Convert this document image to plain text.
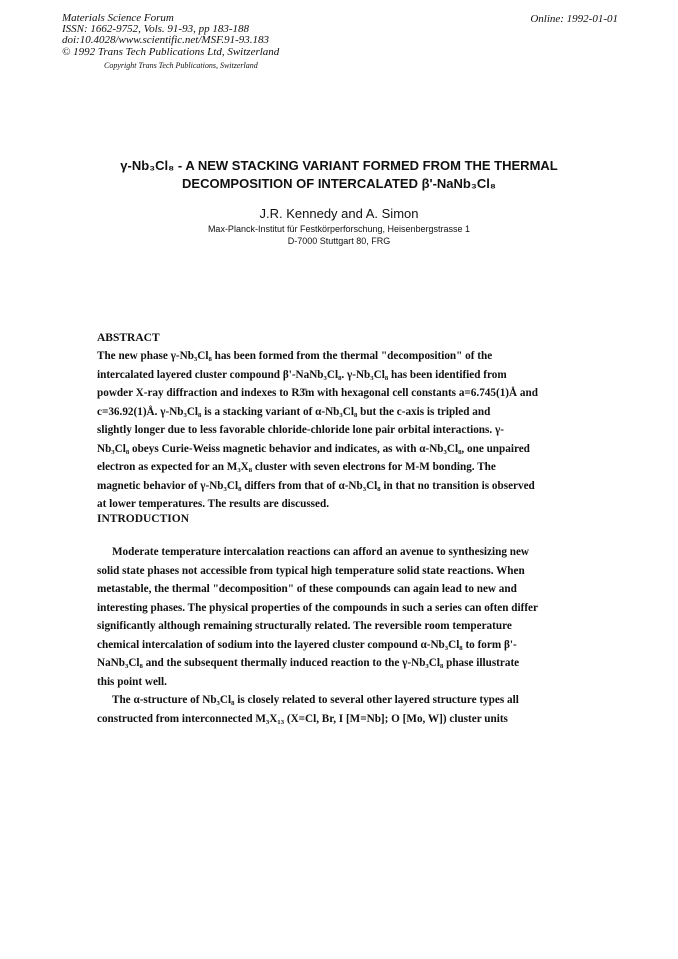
Materials Science Forum
ISSN: 1662-9752, Vols. 91-93, pp 183-188
doi:10.4028/www.scientific.net/MSF.91-93.183
© 1992 Trans Tech Publications Ltd, Switzerland
Copyright Trans Tech Publications, Switzerland
Online: 1992-01-01
γ-Nb₃Cl₈ - A NEW STACKING VARIANT FORMED FROM THE THERMAL
DECOMPOSITION OF INTERCALATED β'-NaNb₃Cl₈
J.R. Kennedy and A. Simon
Max-Planck-Institut für Festkörperforschung, Heisenbergstrasse 1
D-7000 Stuttgart 80, FRG
ABSTRACT
The new phase γ-Nb₃Cl₈ has been formed from the thermal "decomposition" of the
intercalated layered cluster compound β'-NaNb₃Cl₈. γ-Nb₃Cl₈ has been identified from
powder X-ray diffraction and indexes to R3̄m with hexagonal cell constants a=6.745(1)Å and
c=36.92(1)Å. γ-Nb₃Cl₈ is a stacking variant of α-Nb₃Cl₈ but the c-axis is tripled and
slightly longer due to less favorable chloride-chloride lone pair orbital interactions. γ-
Nb₃Cl₈ obeys Curie-Weiss magnetic behavior and indicates, as with α-Nb₃Cl₈, one unpaired
electron as expected for an M₃X₈ cluster with seven electrons for M-M bonding. The
magnetic behavior of γ-Nb₃Cl₈ differs from that of α-Nb₃Cl₈ in that no transition is observed
at lower temperatures. The results are discussed.
INTRODUCTION
Moderate temperature intercalation reactions can afford an avenue to synthesizing new
solid state phases not accessible from typical high temperature solid state reactions. When
metastable, the thermal "decomposition" of these compounds can again lead to new and
interesting phases. The physical properties of the compounds in such a series can often differ
significantly although remaining structurally related. The reversible room temperature
chemical intercalation of sodium into the layered cluster compound α-Nb₃Cl₈ to form β'-
NaNb₃Cl₈ and the subsequent thermally induced reaction to the γ-Nb₃Cl₈ phase illustrate
this point well.
The α-structure of Nb₃Cl₈ is closely related to several other layered structure types all
constructed from interconnected M₃X₁₃ (X=Cl, Br, I [M=Nb]; O [Mo, W]) cluster units
